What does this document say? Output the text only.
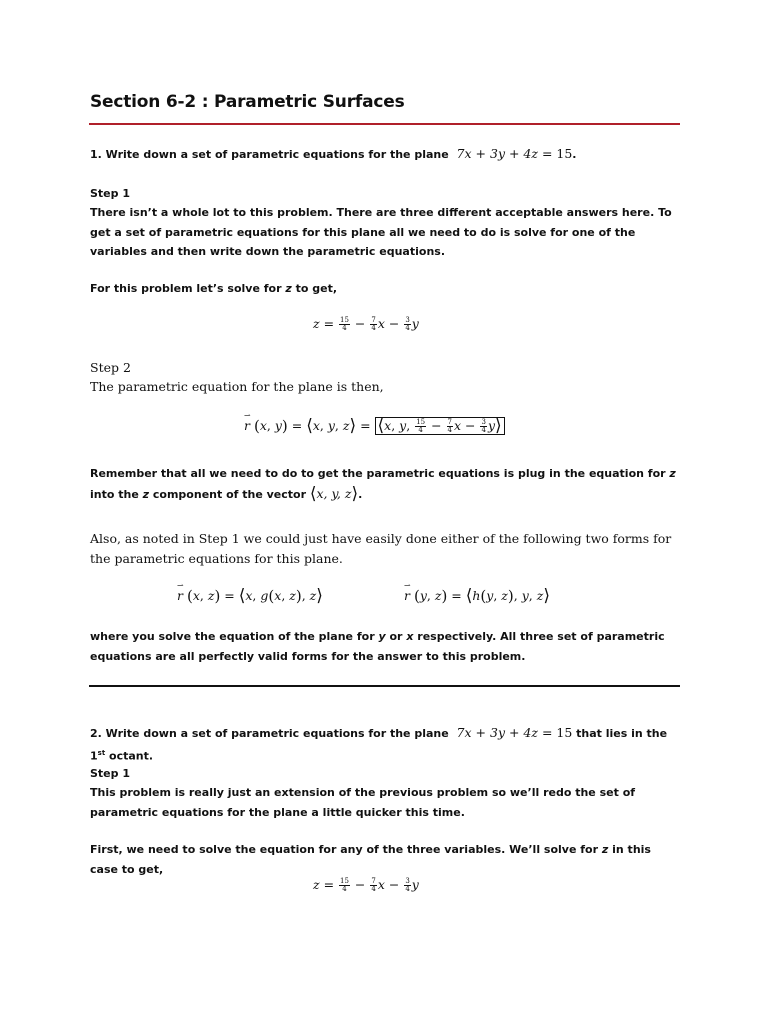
Section 6-2 : Parametric Surfaces
1. Write down a set of parametric equations for the plane  7x + 3y + 4z = 15.
Step 1
There isn’t a whole lot to this problem. There are three different acceptable answers here. To get a set of parametric equations for this plane all we need to do is solve for one of the variables and then write down the parametric equations.
For this problem let’s solve for z to get,
$z = \frac{15}{4} - \frac{7}{4}$ $x - \frac{3}{4}$ y
Step 2
The parametric equation for the plane is then,
⇀
r (x, y) = ⟨x, y, z⟩ = ⟨x, y, $\frac{15}{4} - \frac{7}{4}$ $x - \frac{3}{4}$ y⟩
Remember that all we need to do to get the parametric equations is plug in the equation for z into the z component of the vector ⟨x, y, z⟩.
Also, as noted in Step 1 we could just have easily done either of the following two forms for the parametric equations for this plane.
⇀
r (x, z) = ⟨x, g(x, z), z⟩
⇀
r (y, z) = ⟨h(y, z), y, z⟩
where you solve the equation of the plane for y or x respectively. All three set of parametric equations are all perfectly valid forms for the answer to this problem.
2. Write down a set of parametric equations for the plane  7x + 3y + 4z = 15 that lies in the 1st octant.
Step 1
This problem is really just an extension of the previous problem so we’ll redo the set of parametric equations for the plane a little quicker this time.
First, we need to solve the equation for any of the three variables. We’ll solve for z in this case to get,
$z = \frac{15}{4} - \frac{7}{4}$ $x - \frac{3}{4}$ y
